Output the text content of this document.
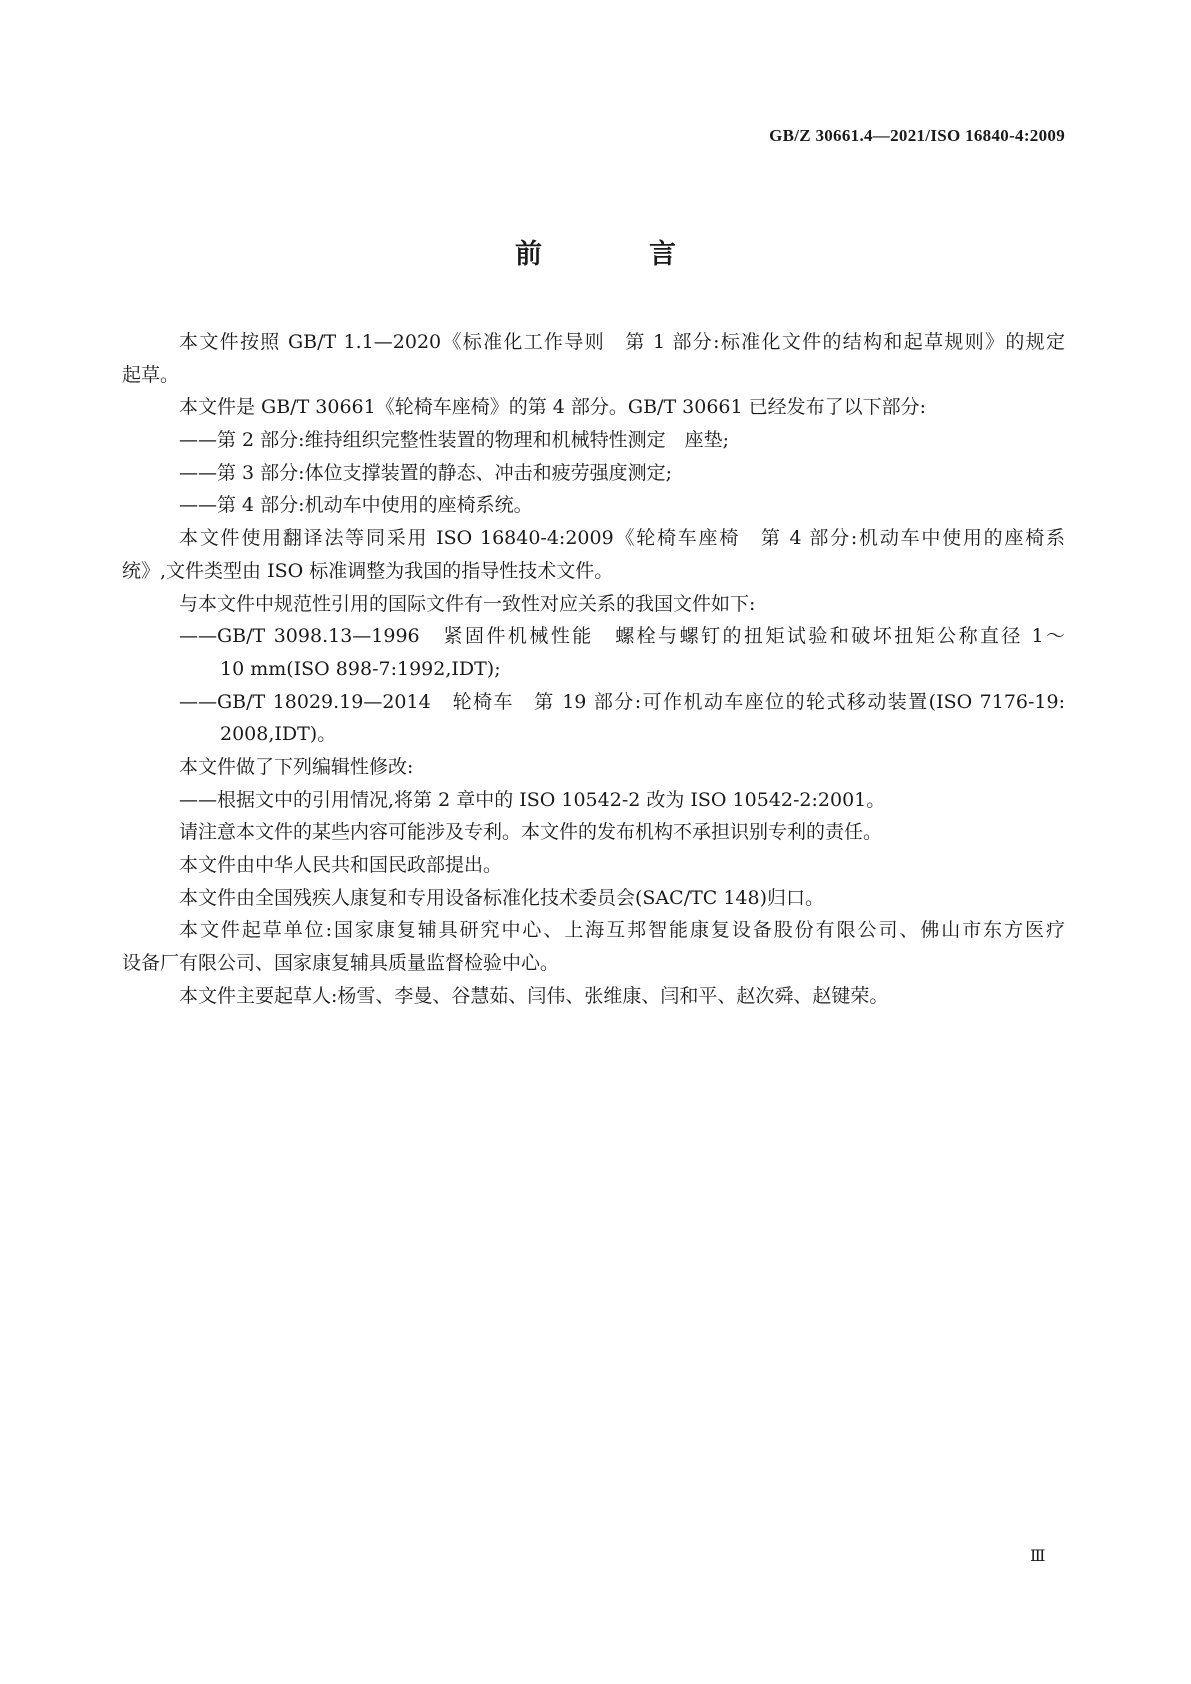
GB/Z 30661.4—2021/ISO 16840-4:2009
前　言
本文件按照 GB/T 1.1—2020《标准化工作导则　第 1 部分:标准化文件的结构和起草规则》的规定
起草。
本文件是 GB/T 30661《轮椅车座椅》的第 4 部分。GB/T 30661 已经发布了以下部分:
——第 2 部分:维持组织完整性装置的物理和机械特性测定　座垫;
——第 3 部分:体位支撑装置的静态、冲击和疲劳强度测定;
——第 4 部分:机动车中使用的座椅系统。
本文件使用翻译法等同采用 ISO 16840-4:2009《轮椅车座椅　第 4 部分:机动车中使用的座椅系
统》,文件类型由 ISO 标准调整为我国的指导性技术文件。
与本文件中规范性引用的国际文件有一致性对应关系的我国文件如下:
——GB/T 3098.13—1996　紧固件机械性能　螺栓与螺钉的扭矩试验和破坏扭矩公称直径 1～
10 mm(ISO 898-7:1992,IDT);
——GB/T 18029.19—2014　轮椅车　第 19 部分:可作机动车座位的轮式移动装置(ISO 7176-19:
2008,IDT)。
本文件做了下列编辑性修改:
——根据文中的引用情况,将第 2 章中的 ISO 10542-2 改为 ISO 10542-2:2001。
请注意本文件的某些内容可能涉及专利。本文件的发布机构不承担识别专利的责任。
本文件由中华人民共和国民政部提出。
本文件由全国残疾人康复和专用设备标准化技术委员会(SAC/TC 148)归口。
本文件起草单位:国家康复辅具研究中心、上海互邦智能康复设备股份有限公司、佛山市东方医疗
设备厂有限公司、国家康复辅具质量监督检验中心。
本文件主要起草人:杨雪、李曼、谷慧茹、闫伟、张维康、闫和平、赵次舜、赵键荣。
Ⅲ
